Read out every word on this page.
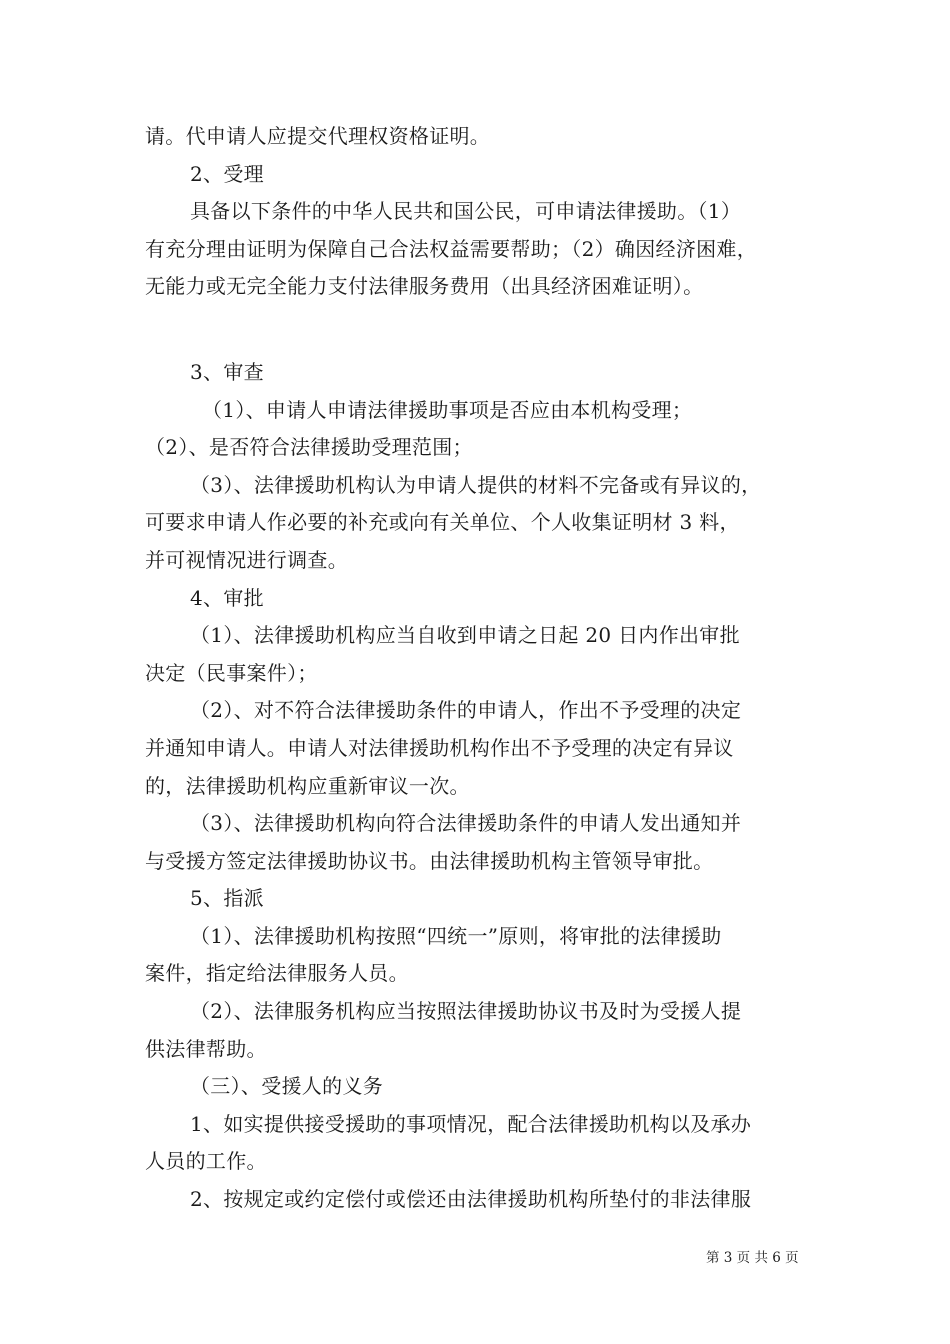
请。代申请人应提交代理权资格证明。
2、受理
具备以下条件的中华人民共和国公民，可申请法律援助。（1）
有充分理由证明为保障自己合法权益需要帮助；（2）确因经济困难，
无能力或无完全能力支付法律服务费用（出具经济困难证明）。
3、审查
（1）、申请人申请法律援助事项是否应由本机构受理；
（2）、是否符合法律援助受理范围；
（3）、法律援助机构认为申请人提供的材料不完备或有异议的，
可要求申请人作必要的补充或向有关单位、个人收集证明材 3 料，
并可视情况进行调查。
4、审批
（1）、法律援助机构应当自收到申请之日起 20 日内作出审批
决定（民事案件）；
（2）、对不符合法律援助条件的申请人，作出不予受理的决定
并通知申请人。申请人对法律援助机构作出不予受理的决定有异议
的，法律援助机构应重新审议一次。
（3）、法律援助机构向符合法律援助条件的申请人发出通知并
与受援方签定法律援助协议书。由法律援助机构主管领导审批。
5、指派
（1）、法律援助机构按照“四统一”原则，将审批的法律援助
案件，指定给法律服务人员。
（2）、法律服务机构应当按照法律援助协议书及时为受援人提
供法律帮助。
（三）、受援人的义务
1、如实提供接受援助的事项情况，配合法律援助机构以及承办
人员的工作。
2、按规定或约定偿付或偿还由法律援助机构所垫付的非法律服
第 3 页 共 6 页
